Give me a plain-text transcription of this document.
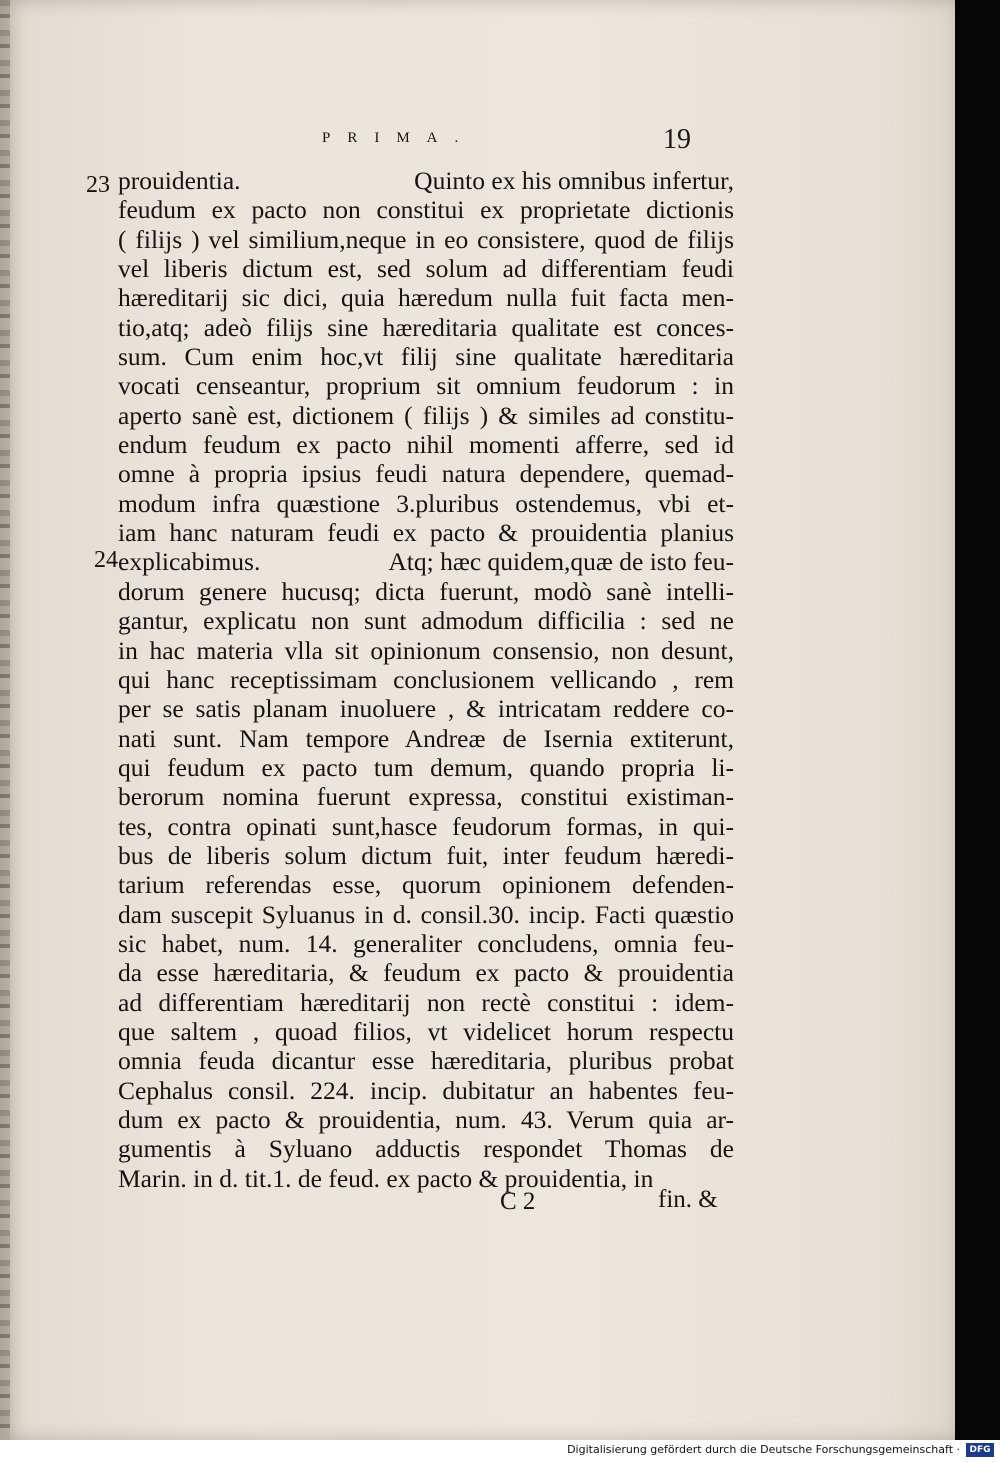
PRIMA.	19
23
24
prouidentia.	Quinto ex his omnibus infertur,
feudum ex pacto non constitui ex proprietate dictionis
( filijs ) vel similium,neque in eo consistere, quod de filijs
vel liberis dictum est, sed solum ad differentiam feudi
hæreditarij sic dici, quia hæredum nulla fuit facta men-
tio,atq; adeò filijs sine hæreditaria qualitate est conces-
sum. Cum enim hoc,vt filij sine qualitate hæreditaria
vocati censeantur, proprium sit omnium feudorum : in
aperto sanè est, dictionem ( filijs ) & similes ad constitu-
endum feudum ex pacto nihil momenti afferre, sed id
omne à propria ipsius feudi natura dependere, quemad-
modum infra quæstione 3.pluribus ostendemus, vbi et-
iam hanc naturam feudi ex pacto & prouidentia planius
explicabimus.	Atq; hæc quidem,quæ de isto feu-
dorum genere hucusq; dicta fuerunt, modò sanè intelli-
gantur, explicatu non sunt admodum difficilia : sed ne
in hac materia vlla sit opinionum consensio, non desunt,
qui hanc receptissimam conclusionem vellicando , rem
per se satis planam inuoluere , & intricatam reddere co-
nati sunt. Nam tempore Andreæ de Isernia extiterunt,
qui feudum ex pacto tum demum, quando propria li-
berorum nomina fuerunt expressa, constitui existiman-
tes, contra opinati sunt,hasce feudorum formas, in qui-
bus de liberis solum dictum fuit, inter feudum hæredi-
tarium referendas esse, quorum opinionem defenden-
dam suscepit Syluanus in d. consil.30. incip. Facti quæstio
sic habet, num. 14. generaliter concludens, omnia feu-
da esse hæreditaria, & feudum ex pacto & prouidentia
ad differentiam hæreditarij non rectè constitui : idem-
que saltem , quoad filios, vt videlicet horum respectu
omnia feuda dicantur esse hæreditaria, pluribus probat
Cephalus consil. 224. incip. dubitatur an habentes feu-
dum ex pacto & prouidentia, num. 43. Verum quia ar-
gumentis à Syluano adductis respondet Thomas de
Marin. in d. tit.1. de feud. ex pacto & prouidentia, in
C 2	fin. &
Digitalisierung gefördert durch die Deutsche Forschungsgemeinschaft ·	DFG
